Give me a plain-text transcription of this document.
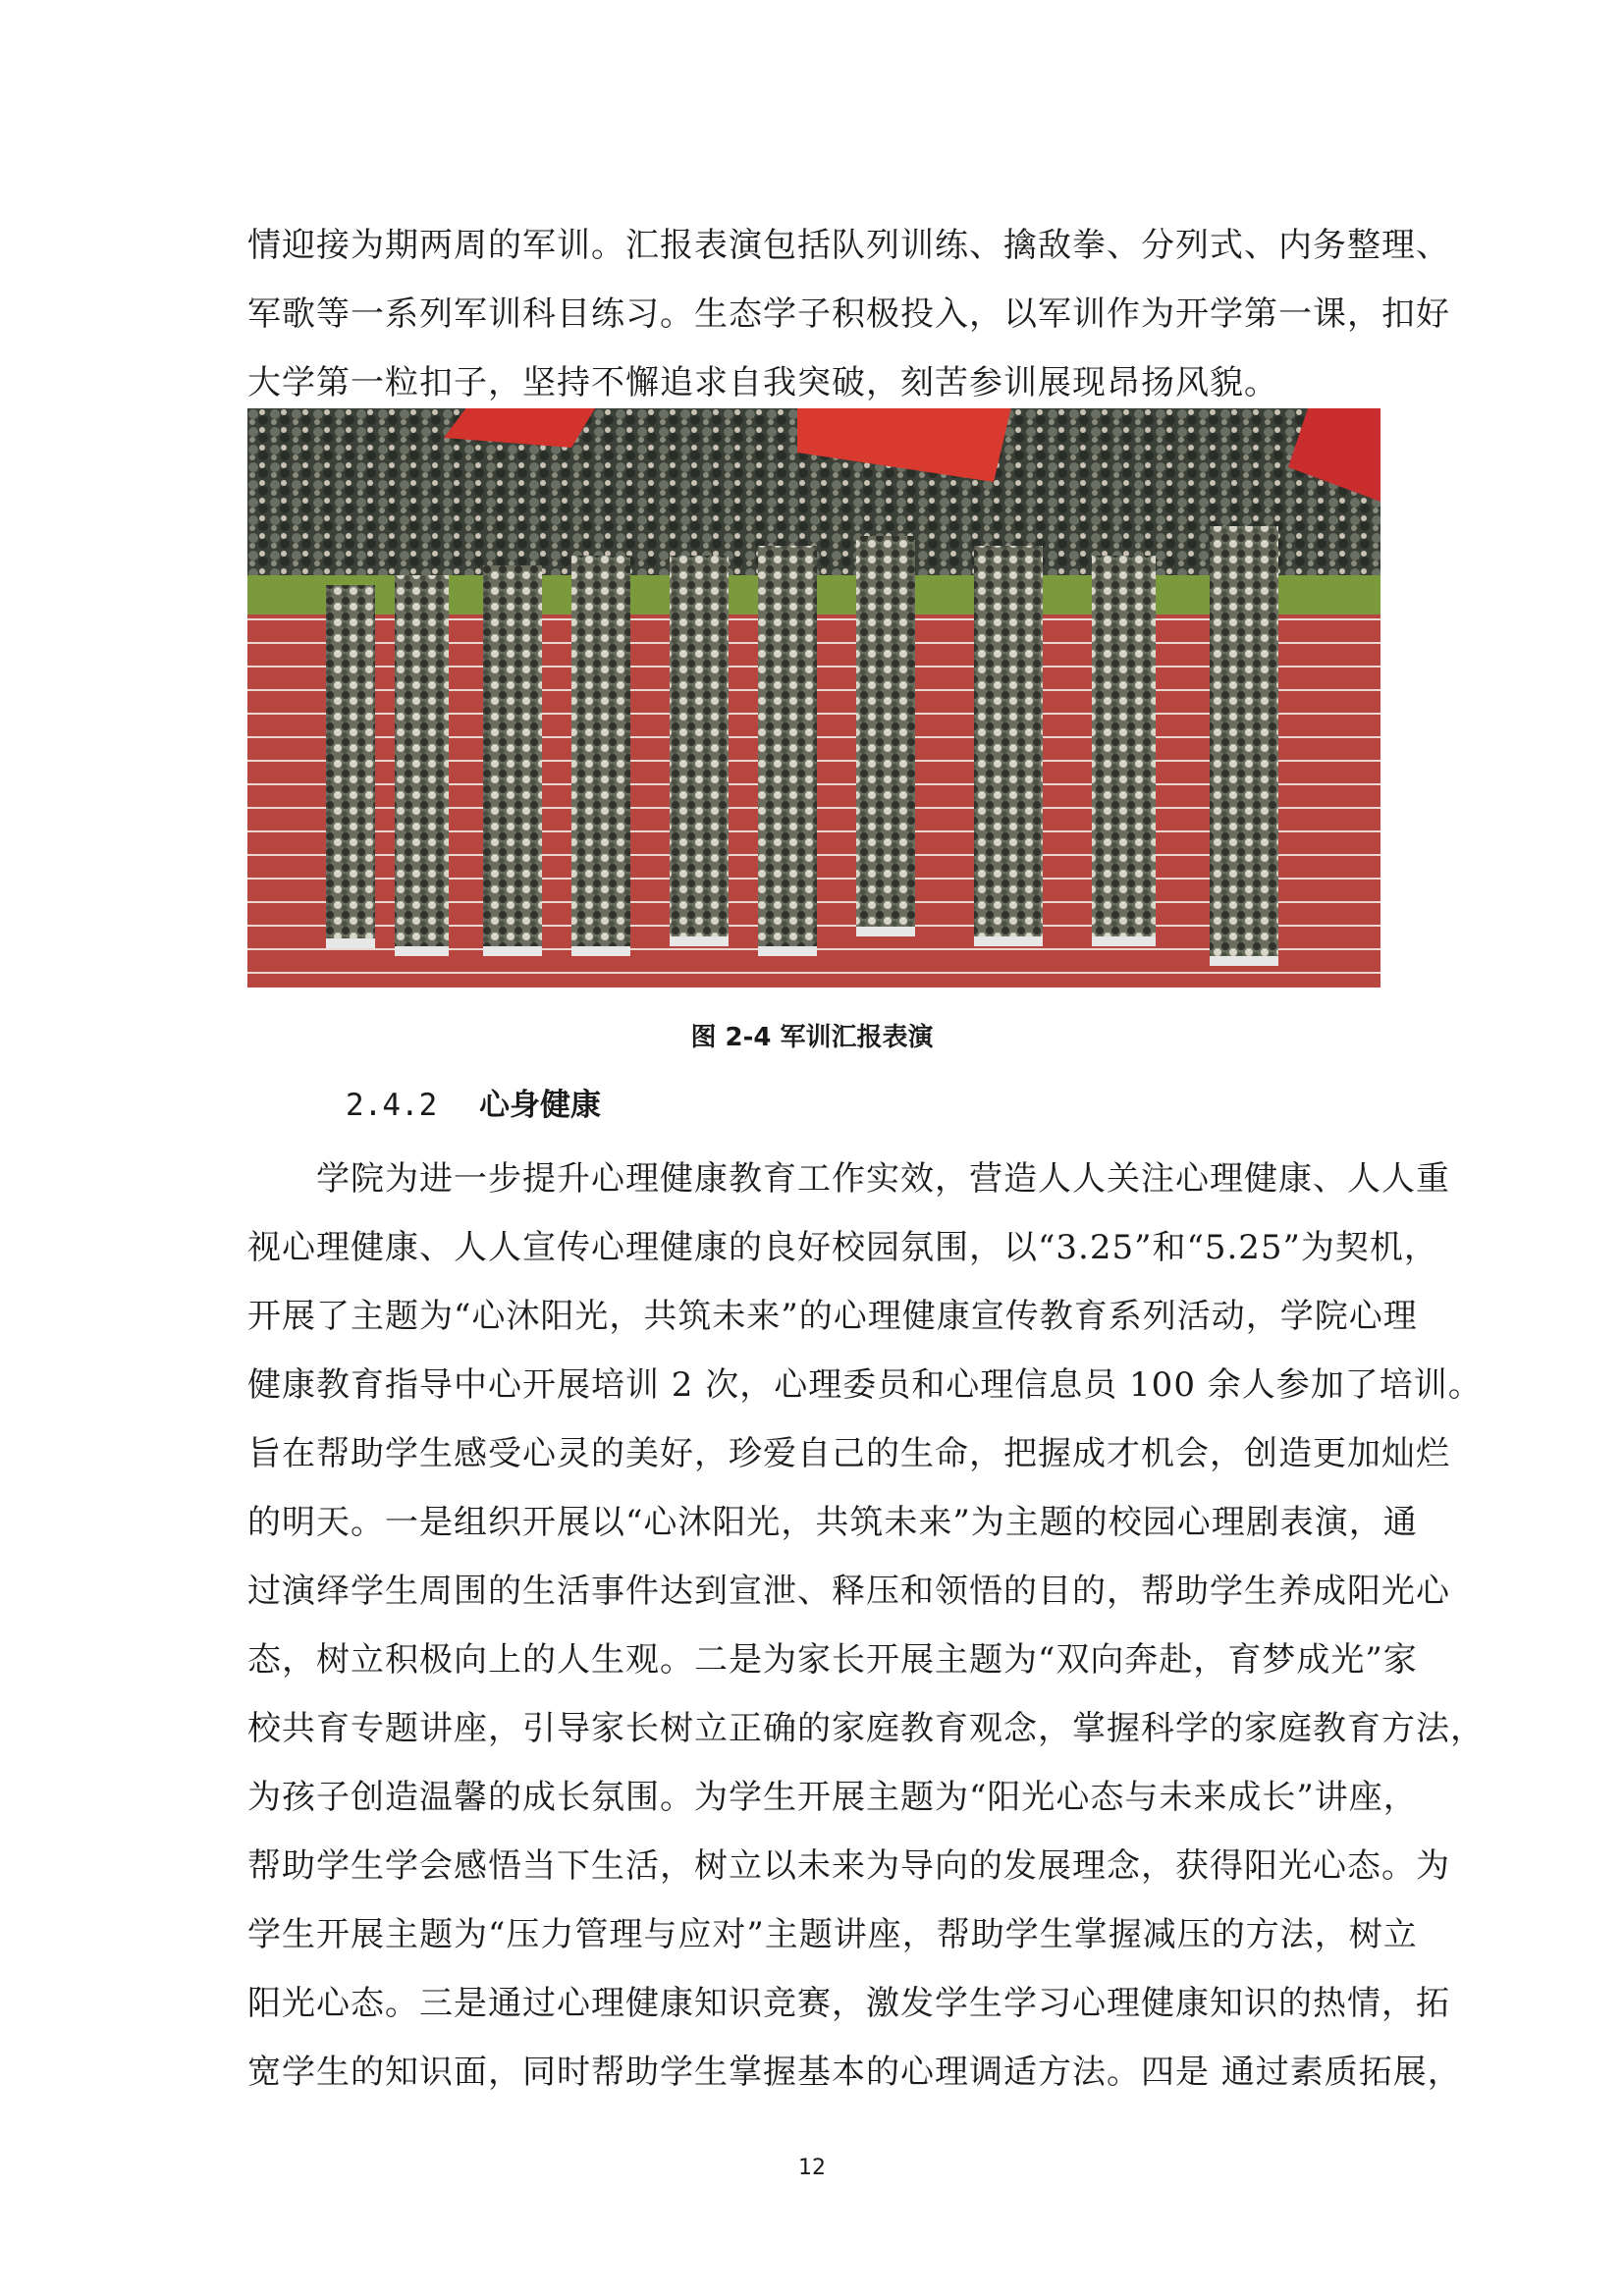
情迎接为期两周的军训。汇报表演包括队列训练、擒敌拳、分列式、内务整理、
军歌等一系列军训科目练习。生态学子积极投入，以军训作为开学第一课，扣好
大学第一粒扣子，坚持不懈追求自我突破，刻苦参训展现昂扬风貌。
图 2-4 军训汇报表演
2.4.2 心身健康
　　学院为进一步提升心理健康教育工作实效，营造人人关注心理健康、人人重
视心理健康、人人宣传心理健康的良好校园氛围，以“3.25”和“5.25”为契机，
开展了主题为“心沐阳光，共筑未来”的心理健康宣传教育系列活动，学院心理
健康教育指导中心开展培训 2 次，心理委员和心理信息员 100 余人参加了培训。
旨在帮助学生感受心灵的美好，珍爱自己的生命，把握成才机会，创造更加灿烂
的明天。一是组织开展以“心沐阳光，共筑未来”为主题的校园心理剧表演，通
过演绎学生周围的生活事件达到宣泄、释压和领悟的目的，帮助学生养成阳光心
态，树立积极向上的人生观。二是为家长开展主题为“双向奔赴，育梦成光”家
校共育专题讲座，引导家长树立正确的家庭教育观念，掌握科学的家庭教育方法，
为孩子创造温馨的成长氛围。为学生开展主题为“阳光心态与未来成长”讲座，
帮助学生学会感悟当下生活，树立以未来为导向的发展理念，获得阳光心态。为
学生开展主题为“压力管理与应对”主题讲座，帮助学生掌握减压的方法，树立
阳光心态。三是通过心理健康知识竞赛，激发学生学习心理健康知识的热情，拓
宽学生的知识面，同时帮助学生掌握基本的心理调适方法。四是 通过素质拓展，
12
